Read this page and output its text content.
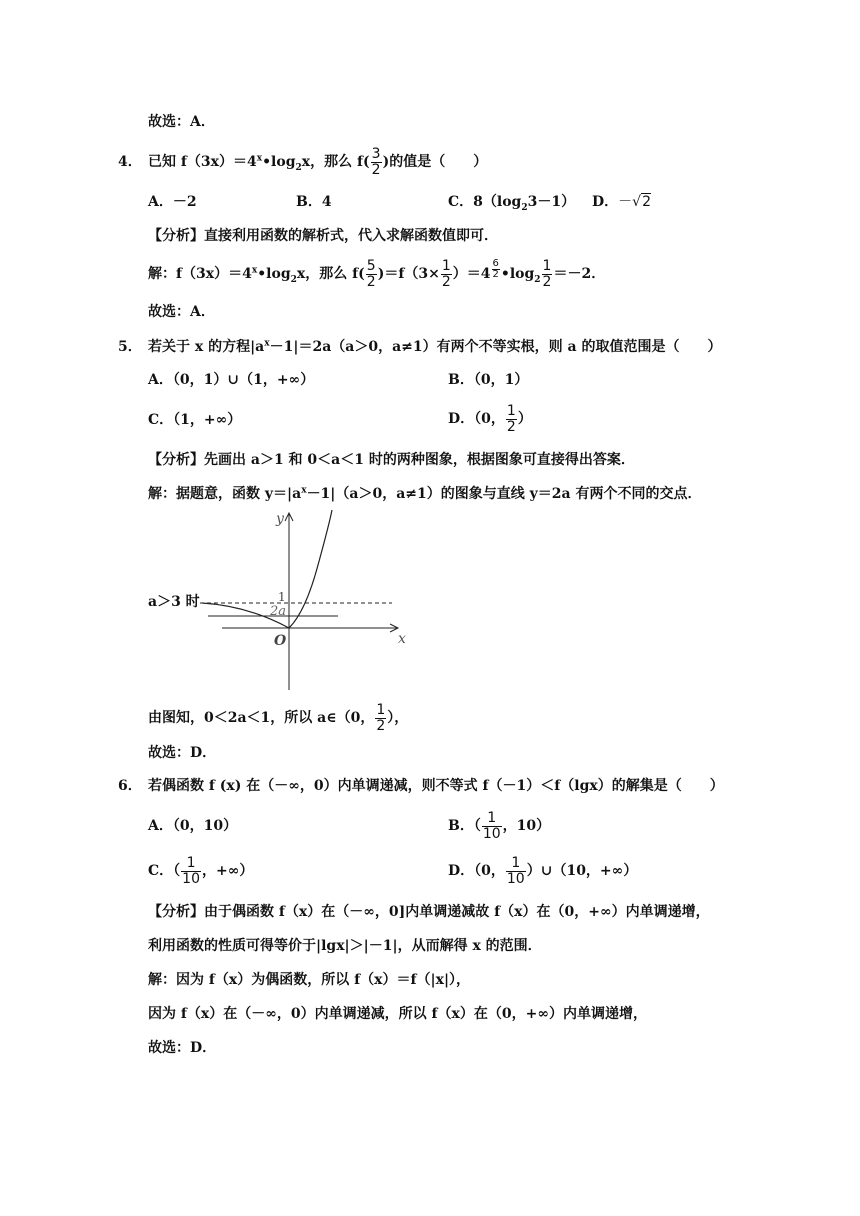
故选：A．
4． 已知 $f(3x)=4^x•\log_2x$，那么 $f( \frac{3}{2}$ )的值是（　　）
A．－2	B．4	C．$8(\log_23-1)$ D．－√2
【分析】直接利用函数的解析式，代入求解函数值即可．
解：$f(3x)=4^x•\log_2x$，那么 $f( \frac{5}{2} )=f(3\times \frac{1}{2} )=4$ $^{\frac{6}{2}}$ $•\log_2 \frac{1}{2} =-2$．
故选：A．
5． 若关于 x 的方程$|a^x-1|=2a(a>0$，a≠1）有两个不等实根，则 a 的取值范围是（　　）
A．（0，1）∪（1，+∞）	B．（0，1）
C．（1，+∞）	D．（0， $\frac{1}{2}$ ）
【分析】先画出 a＞1 和 0＜a＜1 时的两种图象，根据图象可直接得出答案．
解：据题意，函数 $y=|a^x-1|(a>0$，a≠1）的图象与直线 y＝2a 有两个不同的交点．
y
x
O
1
2a
a＞3 时
由图知，0＜2a＜1，所以 a∈（0， $\frac{1}{2}$ ），
故选：D．
6． 若偶函数 f (x) 在（－∞，0）内单调递减，则不等式 f（－1）＜f（lgx）的解集是（　　）
A．（0，10）	B．（ $\frac{1}{10}$ ，10）
C．（ $\frac{1}{10}$ ，+∞）	D．（0， $\frac{1}{10}$ ）∪（10，+∞）
【分析】由于偶函数 f（x）在（－∞，0]内单调递减故 f（x）在（0，+∞）内单调递增，
利用函数的性质可得等价于|lgx|＞|－1|，从而解得 x 的范围．
解：因为 f（x）为偶函数，所以 f（x）＝f（|x|），
因为 f（x）在（－∞，0）内单调递减，所以 f（x）在（0，+∞）内单调递增，
故选：D．
